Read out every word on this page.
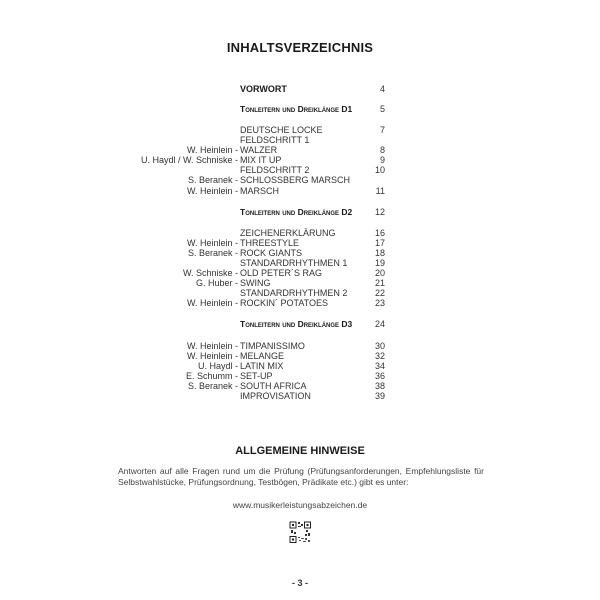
INHALTSVERZEICHNIS
VORWORT	4
Tonleitern und Dreiklänge D1	5
DEUTSCHE LOCKE	7
FELDSCHRITT 1
W. Heinlein - WALZER	8
U. Haydl / W. Schniske - MIX IT UP	9
FELDSCHRITT 2	10
S. Beranek - SCHLOSSBERG MARSCH
W. Heinlein - MARSCH	11
Tonleitern und Dreiklänge D2	12
ZEICHENERKLÄRUNG	16
W. Heinlein - THREESTYLE	17
S. Beranek - ROCK GIANTS	18
STANDARDRHYTHMEN 1	19
W. Schniske - OLD PETER´S RAG	20
G. Huber - SWING	21
STANDARDRHYTHMEN 2	22
W. Heinlein - ROCKIN´ POTATOES	23
Tonleitern und Dreiklänge D3	24
W. Heinlein - TIMPANISSIMO	30
W. Heinlein - MELANGE	32
U. Haydl - LATIN MIX	34
E. Schumm - SET-UP	36
S. Beranek - SOUTH AFRICA	38
IMPROVISATION	39
ALLGEMEINE HINWEISE
Antworten auf alle Fragen rund um die Prüfung (Prüfungsanforderungen, Empfehlungsliste für Selbstwahlstücke, Prüfungsordnung, Testbögen, Prädikate etc.) gibt es unter:
www.musikerleistungsabzeichen.de
- 3 -
